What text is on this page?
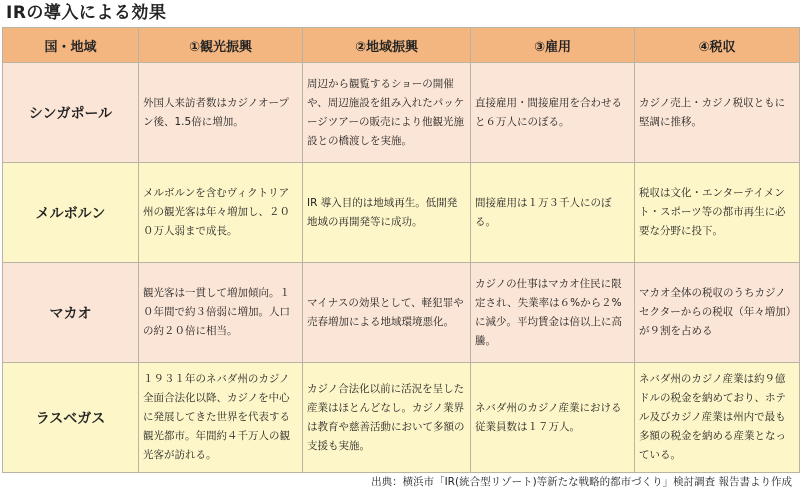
IRの導入による効果
国・地域	①観光振興	②地域振興	③雇用	④税収
シンガポール	外国人来訪者数はカジノオープン後、1.5倍に増加。	周辺から観覧するショーの開催や、周辺施設を組み入れたパッケージツアーの販売により他観光施設との橋渡しを実施。	直接雇用・間接雇用を合わせると６万人にのぼる。	カジノ売上・カジノ税収ともに堅調に推移。
メルボルン	メルボルンを含むヴィクトリア州の観光客は年々増加し、２００万人弱まで成長。	IR 導入目的は地域再生。低開発地域の再開発等に成功。	間接雇用は１万３千人にのぼる。	税収は文化・エンターテイメント・スポーツ等の都市再生に必要な分野に投下。
マカオ	観光客は一貫して増加傾向。１０年間で約３倍弱に増加。人口の約２０倍に相当。	マイナスの効果として、軽犯罪や売春増加による地域環境悪化。	カジノの仕事はマカオ住民に限定され、失業率は６%から２%に減少。平均賃金は倍以上に高騰。	マカオ全体の税収のうちカジノセクターからの税収（年々増加）が９割を占める
ラスベガス	１９３１年のネバダ州のカジノ全面合法化以降、カジノを中心に発展してきた世界を代表する観光都市。年間約４千万人の観光客が訪れる。	カジノ合法化以前に活況を呈した産業はほとんどなし。カジノ業界は教育や慈善活動において多額の支援も実施。	ネバダ州のカジノ産業における従業員数は１７万人。	ネバダ州のカジノ産業は約９億ドルの税金を納めており、ホテル及びカジノ産業は州内で最も多額の税金を納める産業となっている。
出典：横浜市「IR(統合型リゾート)等新たな戦略的都市づくり」検討調査 報告書より作成
